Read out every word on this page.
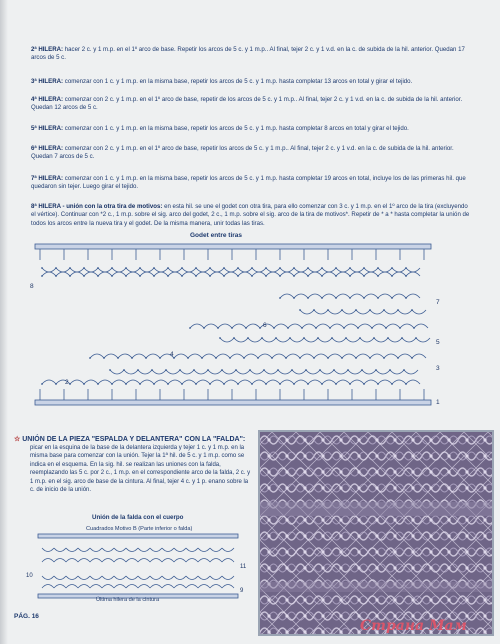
2ª HILERA: hacer 2 c. y 1 m.p. en el 1º arco de base. Repetir los arcos de 5 c. y 1 m.p.. Al final, tejer 2 c. y 1 v.d. en la c. de subida de la hil. anterior. Quedan 17 arcos de 5 c.
3ª HILERA: comenzar con 1 c. y 1 m.p. en la misma base, repetir los arcos de 5 c. y 1 m.p. hasta completar 13 arcos en total y girar el tejido.
4ª HILERA: comenzar con 2 c. y 1 m.p. en el 1º arco de base, repetir de los arcos de 5 c. y 1 m.p.. Al final, tejer 2 c. y 1 v.d. en la c. de subida de la hil. anterior. Quedan 12 arcos de 5 c.
5ª HILERA: comenzar con 1 c. y 1 m.p. en la misma base, repetir los arcos de 5 c. y 1 m.p. hasta completar 8 arcos en total y girar el tejido.
6ª HILERA: comenzar con 2 c. y 1 m.p. en el 1º arco de base, repetir los arcos de 5 c. y 1 m.p.. Al final, tejer 2 c. y 1 v.d. en la c. de subida de la hil. anterior. Quedan 7 arcos de 5 c.
7ª HILERA: comenzar con 1 c. y 1 m.p. en la misma base, repetir los arcos de 5 c. y 1 m.p. hasta completar 19 arcos en total, incluye los de las primeras hil. que quedaron sin tejer. Luego girar el tejido.
8ª HILERA - unión con la otra tira de motivos: en esta hil. se une el godet con otra tira, para ello comenzar con 3 c. y 1 m.p. en el 1º arco de la tira (excluyendo el vértice). Continuar con *2 c., 1 m.p. sobre el sig. arco del godet, 2 c., 1 m.p. sobre el sig. arco de la tira de motivos*. Repetir de * a * hasta completar la unión de todos los arcos entre la nueva tira y el godet. De la misma manera, unir todas las tiras.
Godet entre tiras
8
6
4
2
7
5
3
1
☆ UNIÓN DE LA PIEZA "ESPALDA Y DELANTERA" CON LA "FALDA":
picar en la esquina de la base de la delantera izquierda y tejer 1 c. y 1 m.p. en la misma base para comenzar con la unión. Tejer la 1ª hil. de 5 c. y 1 m.p. como se indica en el esquema. En la sig. hil. se realizan las uniones con la falda, reemplazando las 5 c. por 2 c., 1 m.p. en el correspondiente arco de la falda, 2 c. y 1 m.p. en el sig. arco de base de la cintura. Al final, tejer 4 c. y 1 p. enano sobre la c. de inicio de la unión.
Unión de la falda con el cuerpo
Cuadrados Motivo B (Parte inferior o falda)
10
11
9
Última hilera de la cintura
PÁG. 16
Страна Мам
